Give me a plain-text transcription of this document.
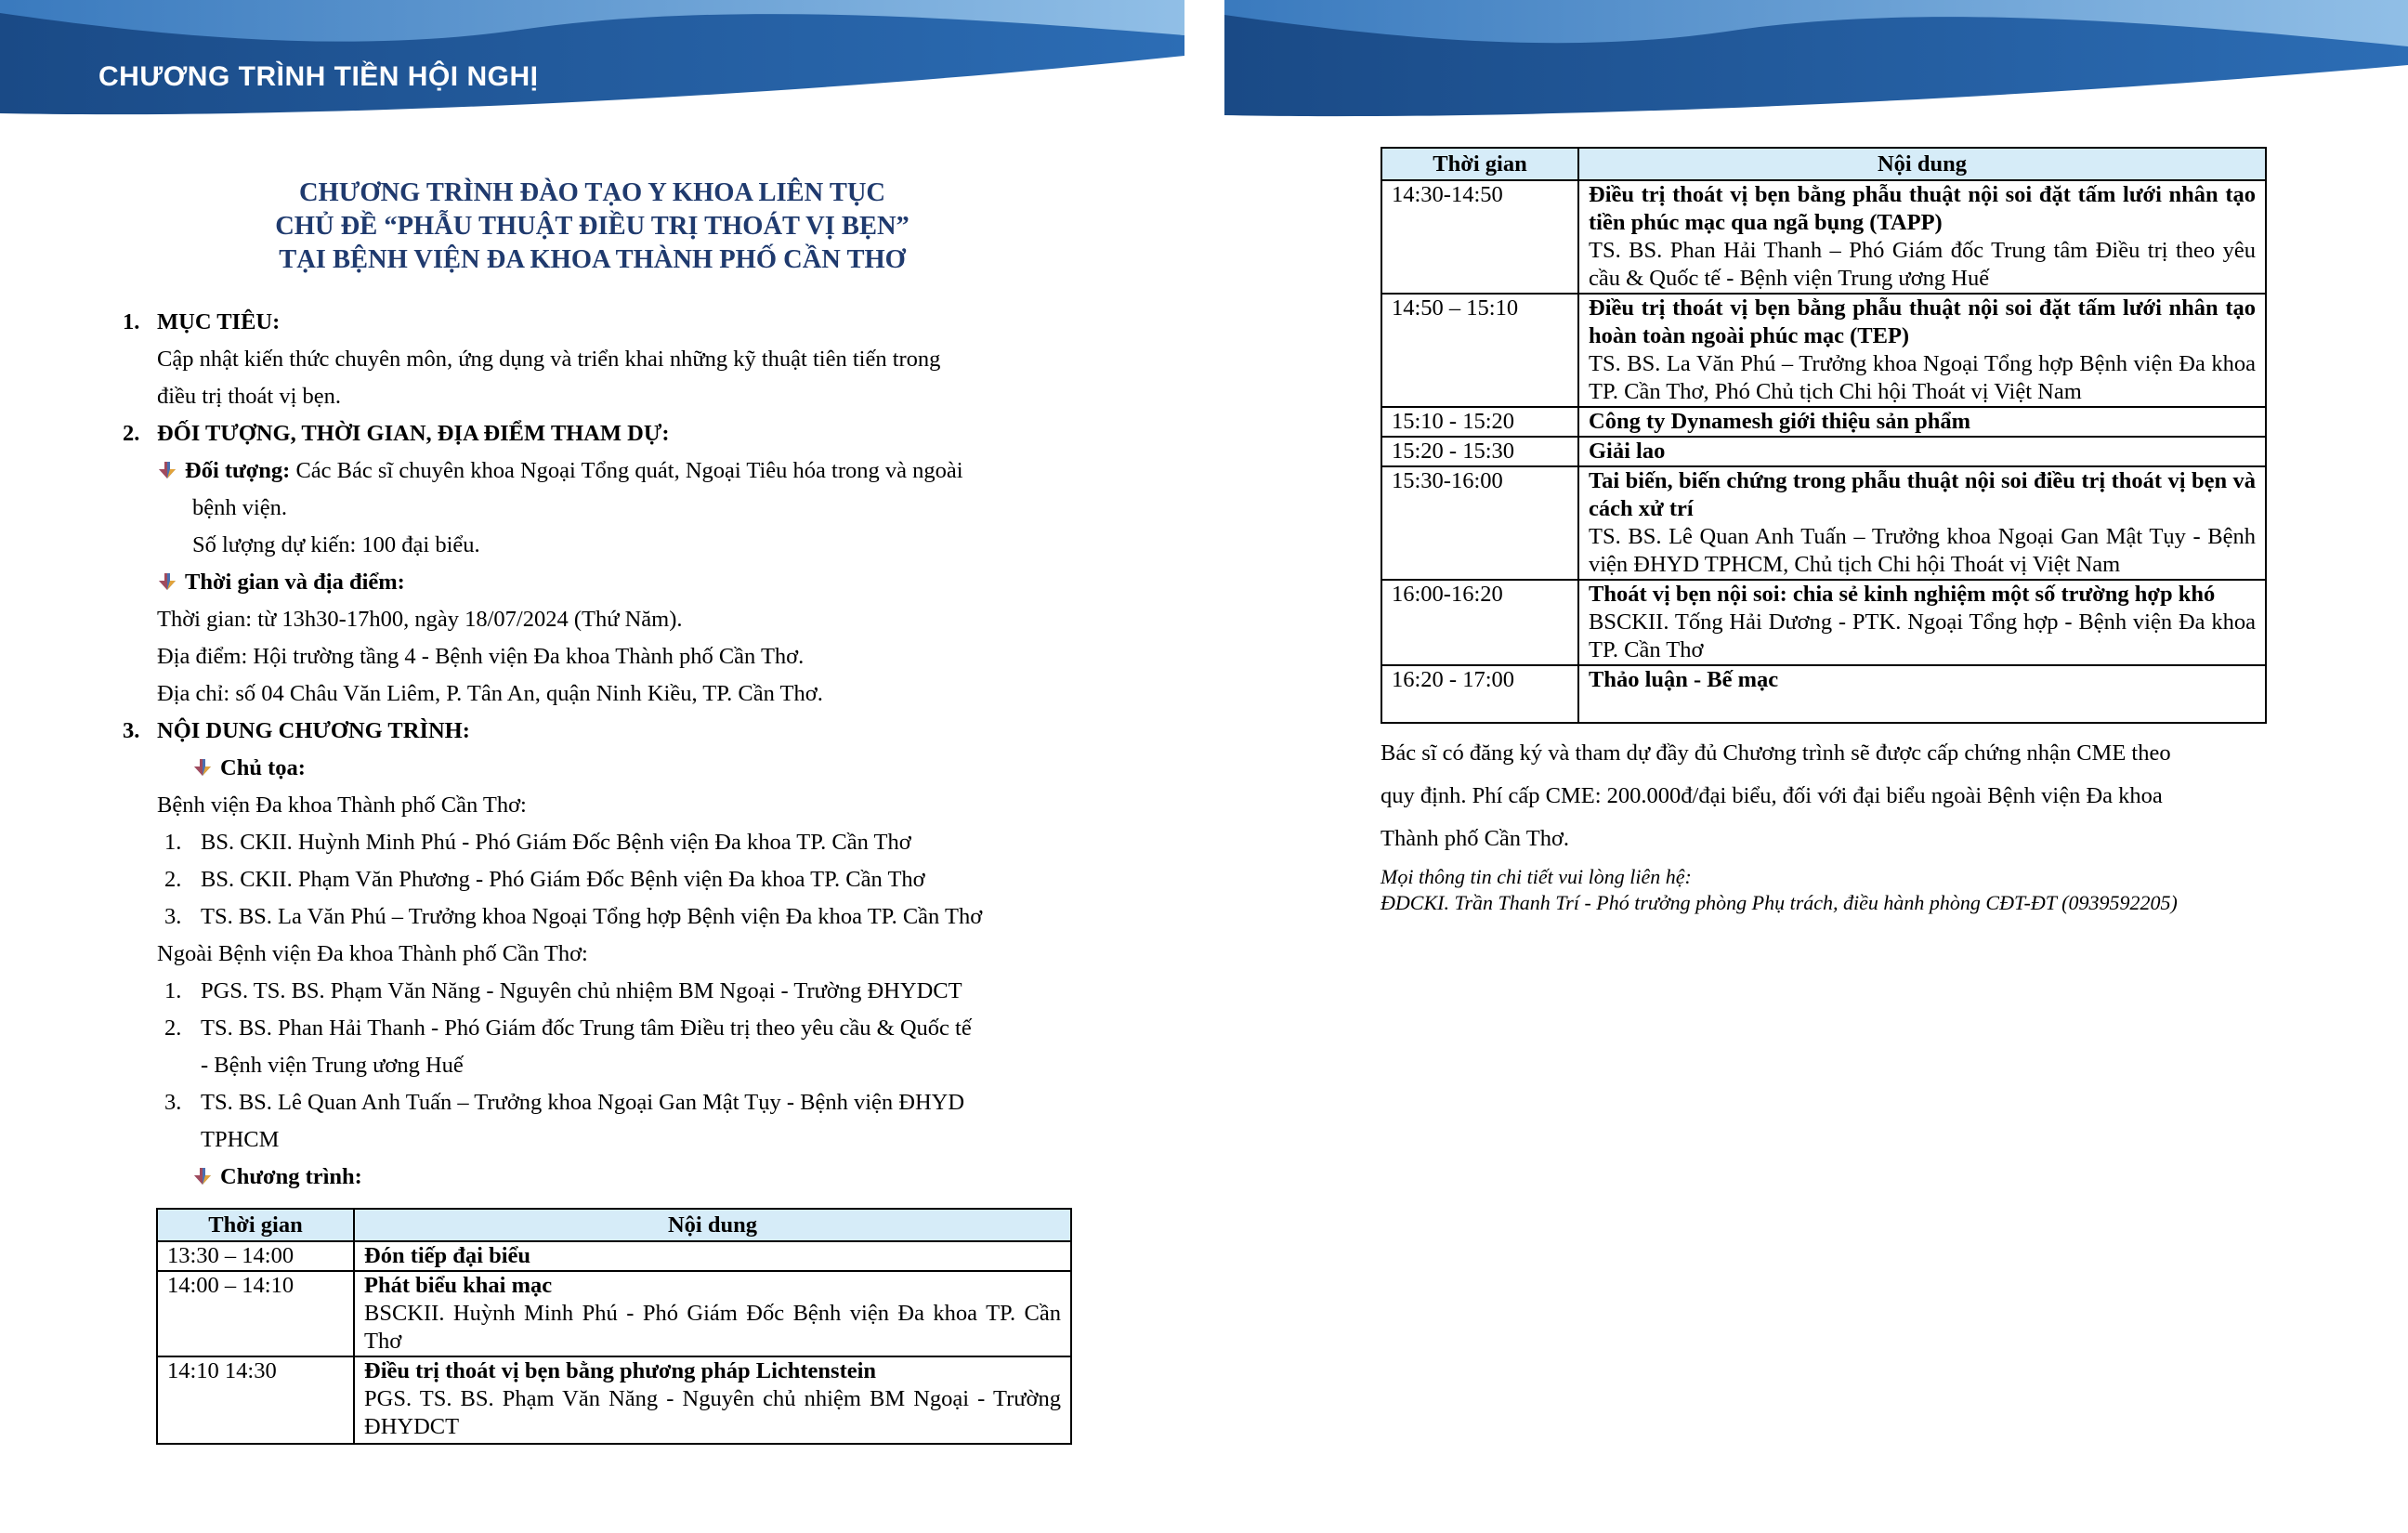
CHƯƠNG TRÌNH TIỀN HỘI NGHỊ
CHƯƠNG TRÌNH ĐÀO TẠO Y KHOA LIÊN TỤC
CHỦ ĐỀ “PHẪU THUẬT ĐIỀU TRỊ THOÁT VỊ BẸN”
TẠI BỆNH VIỆN ĐA KHOA THÀNH PHỐ CẦN THƠ

1. MỤC TIÊU:

Cập nhật kiến thức chuyên môn, ứng dụng và triển khai những kỹ thuật tiên tiến trong

điều trị thoát vị bẹn.

2. ĐỐI TƯỢNG, THỜI GIAN, ĐỊA ĐIỂM THAM DỰ:

Đối tượng: Các Bác sĩ chuyên khoa Ngoại Tổng quát, Ngoại Tiêu hóa trong và ngoài

bệnh viện.

Số lượng dự kiến: 100 đại biểu.

Thời gian và địa điểm:

Thời gian: từ 13h30-17h00, ngày 18/07/2024 (Thứ Năm).

Địa điểm: Hội trường tầng 4 - Bệnh viện Đa khoa Thành phố Cần Thơ.

Địa chỉ: số 04 Châu Văn Liêm, P. Tân An, quận Ninh Kiều, TP. Cần Thơ.

3. NỘI DUNG CHƯƠNG TRÌNH:

Chủ tọa:

Bệnh viện Đa khoa Thành phố Cần Thơ:

1. BS. CKII. Huỳnh Minh Phú - Phó Giám Đốc Bệnh viện Đa khoa TP. Cần Thơ

2. BS. CKII. Phạm Văn Phương - Phó Giám Đốc Bệnh viện Đa khoa TP. Cần Thơ

3. TS. BS. La Văn Phú – Trưởng khoa Ngoại Tổng hợp Bệnh viện Đa khoa TP. Cần Thơ

Ngoài Bệnh viện Đa khoa Thành phố Cần Thơ:

1. PGS. TS. BS. Phạm Văn Năng - Nguyên chủ nhiệm BM Ngoại - Trường ĐHYDCT

2. TS. BS. Phan Hải Thanh - Phó Giám đốc Trung tâm Điều trị theo yêu cầu & Quốc tế

- Bệnh viện Trung ương Huế

3. TS. BS. Lê Quan Anh Tuấn – Trưởng khoa Ngoại Gan Mật Tụy - Bệnh viện ĐHYD

TPHCM

Chương trình:

Thời gian	Nội dung
13:30 – 14:00	Đón tiếp đại biểu

14:00 – 14:10	Phát biểu khai mạc
BSCKII. Huỳnh Minh Phú - Phó Giám Đốc Bệnh viện Đa khoa TP. Cần Thơ

14:10 14:30	Điều trị thoát vị bẹn bằng phương pháp Lichtenstein
PGS. TS. BS. Phạm Văn Năng - Nguyên chủ nhiệm BM Ngoại - Trường ĐHYDCT
Thời gian	Nội dung
14:30-14:50	Điều trị thoát vị bẹn bằng phẫu thuật nội soi đặt tấm lưới nhân tạo tiền phúc mạc qua ngã bụng (TAPP)
TS. BS. Phan Hải Thanh – Phó Giám đốc Trung tâm Điều trị theo yêu cầu & Quốc tế - Bệnh viện Trung ương Huế

14:50 – 15:10	Điều trị thoát vị bẹn bằng phẫu thuật nội soi đặt tấm lưới nhân tạo hoàn toàn ngoài phúc mạc (TEP)
TS. BS. La Văn Phú – Trưởng khoa Ngoại Tổng hợp Bệnh viện Đa khoa TP. Cần Thơ, Phó Chủ tịch Chi hội Thoát vị Việt Nam

15:10 - 15:20	Công ty Dynamesh giới thiệu sản phẩm

15:20 - 15:30	Giải lao

15:30-16:00	Tai biến, biến chứng trong phẫu thuật nội soi điều trị thoát vị bẹn và cách xử trí
TS. BS. Lê Quan Anh Tuấn – Trưởng khoa Ngoại Gan Mật Tụy - Bệnh viện ĐHYD TPHCM, Chủ tịch Chi hội Thoát vị Việt Nam

16:00-16:20	Thoát vị bẹn nội soi: chia sẻ kinh nghiệm một số trường hợp khó
BSCKII. Tống Hải Dương - PTK. Ngoại Tổng hợp - Bệnh viện Đa khoa TP. Cần Thơ

16:20 - 17:00	Thảo luận - Bế mạc

Bác sĩ có đăng ký và tham dự đầy đủ Chương trình sẽ được cấp chứng nhận CME theo

quy định. Phí cấp CME: 200.000đ/đại biểu, đối với đại biểu ngoài Bệnh viện Đa khoa

Thành phố Cần Thơ.

Mọi thông tin chi tiết vui lòng liên hệ:

ĐDCKI. Trần Thanh Trí - Phó trưởng phòng Phụ trách, điều hành phòng CĐT-ĐT (0939592205)
